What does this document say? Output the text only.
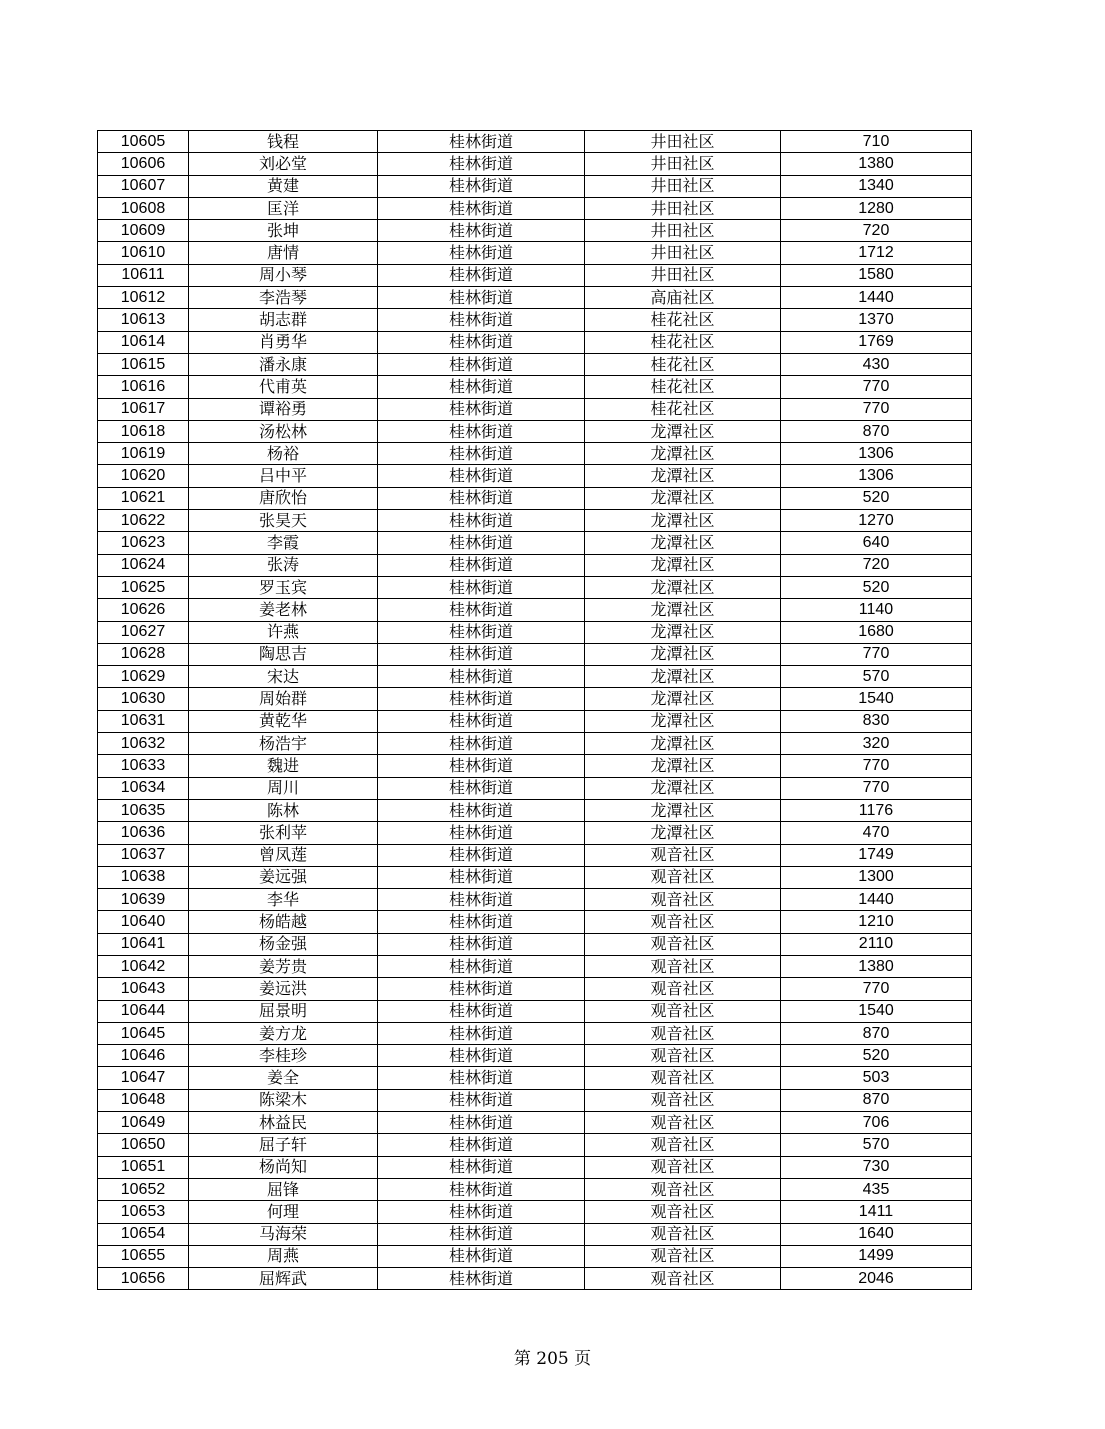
10605	钱程	桂林街道	井田社区	710
10606	刘必堂	桂林街道	井田社区	1380
10607	黄建	桂林街道	井田社区	1340
10608	匡洋	桂林街道	井田社区	1280
10609	张坤	桂林街道	井田社区	720
10610	唐情	桂林街道	井田社区	1712
10611	周小琴	桂林街道	井田社区	1580
10612	李浩琴	桂林街道	高庙社区	1440
10613	胡志群	桂林街道	桂花社区	1370
10614	肖勇华	桂林街道	桂花社区	1769
10615	潘永康	桂林街道	桂花社区	430
10616	代甫英	桂林街道	桂花社区	770
10617	谭裕勇	桂林街道	桂花社区	770
10618	汤松林	桂林街道	龙潭社区	870
10619	杨裕	桂林街道	龙潭社区	1306
10620	吕中平	桂林街道	龙潭社区	1306
10621	唐欣怡	桂林街道	龙潭社区	520
10622	张昊天	桂林街道	龙潭社区	1270
10623	李霞	桂林街道	龙潭社区	640
10624	张涛	桂林街道	龙潭社区	720
10625	罗玉宾	桂林街道	龙潭社区	520
10626	姜老林	桂林街道	龙潭社区	1140
10627	许燕	桂林街道	龙潭社区	1680
10628	陶思吉	桂林街道	龙潭社区	770
10629	宋达	桂林街道	龙潭社区	570
10630	周始群	桂林街道	龙潭社区	1540
10631	黄乾华	桂林街道	龙潭社区	830
10632	杨浩宇	桂林街道	龙潭社区	320
10633	魏进	桂林街道	龙潭社区	770
10634	周川	桂林街道	龙潭社区	770
10635	陈林	桂林街道	龙潭社区	1176
10636	张利苹	桂林街道	龙潭社区	470
10637	曾凤莲	桂林街道	观音社区	1749
10638	姜远强	桂林街道	观音社区	1300
10639	李华	桂林街道	观音社区	1440
10640	杨皓越	桂林街道	观音社区	1210
10641	杨金强	桂林街道	观音社区	2110
10642	姜芳贵	桂林街道	观音社区	1380
10643	姜远洪	桂林街道	观音社区	770
10644	屈景明	桂林街道	观音社区	1540
10645	姜方龙	桂林街道	观音社区	870
10646	李桂珍	桂林街道	观音社区	520
10647	姜全	桂林街道	观音社区	503
10648	陈梁木	桂林街道	观音社区	870
10649	林益民	桂林街道	观音社区	706
10650	屈子轩	桂林街道	观音社区	570
10651	杨尚知	桂林街道	观音社区	730
10652	屈锋	桂林街道	观音社区	435
10653	何理	桂林街道	观音社区	1411
10654	马海荣	桂林街道	观音社区	1640
10655	周燕	桂林街道	观音社区	1499
10656	屈辉武	桂林街道	观音社区	2046
第 205 页
